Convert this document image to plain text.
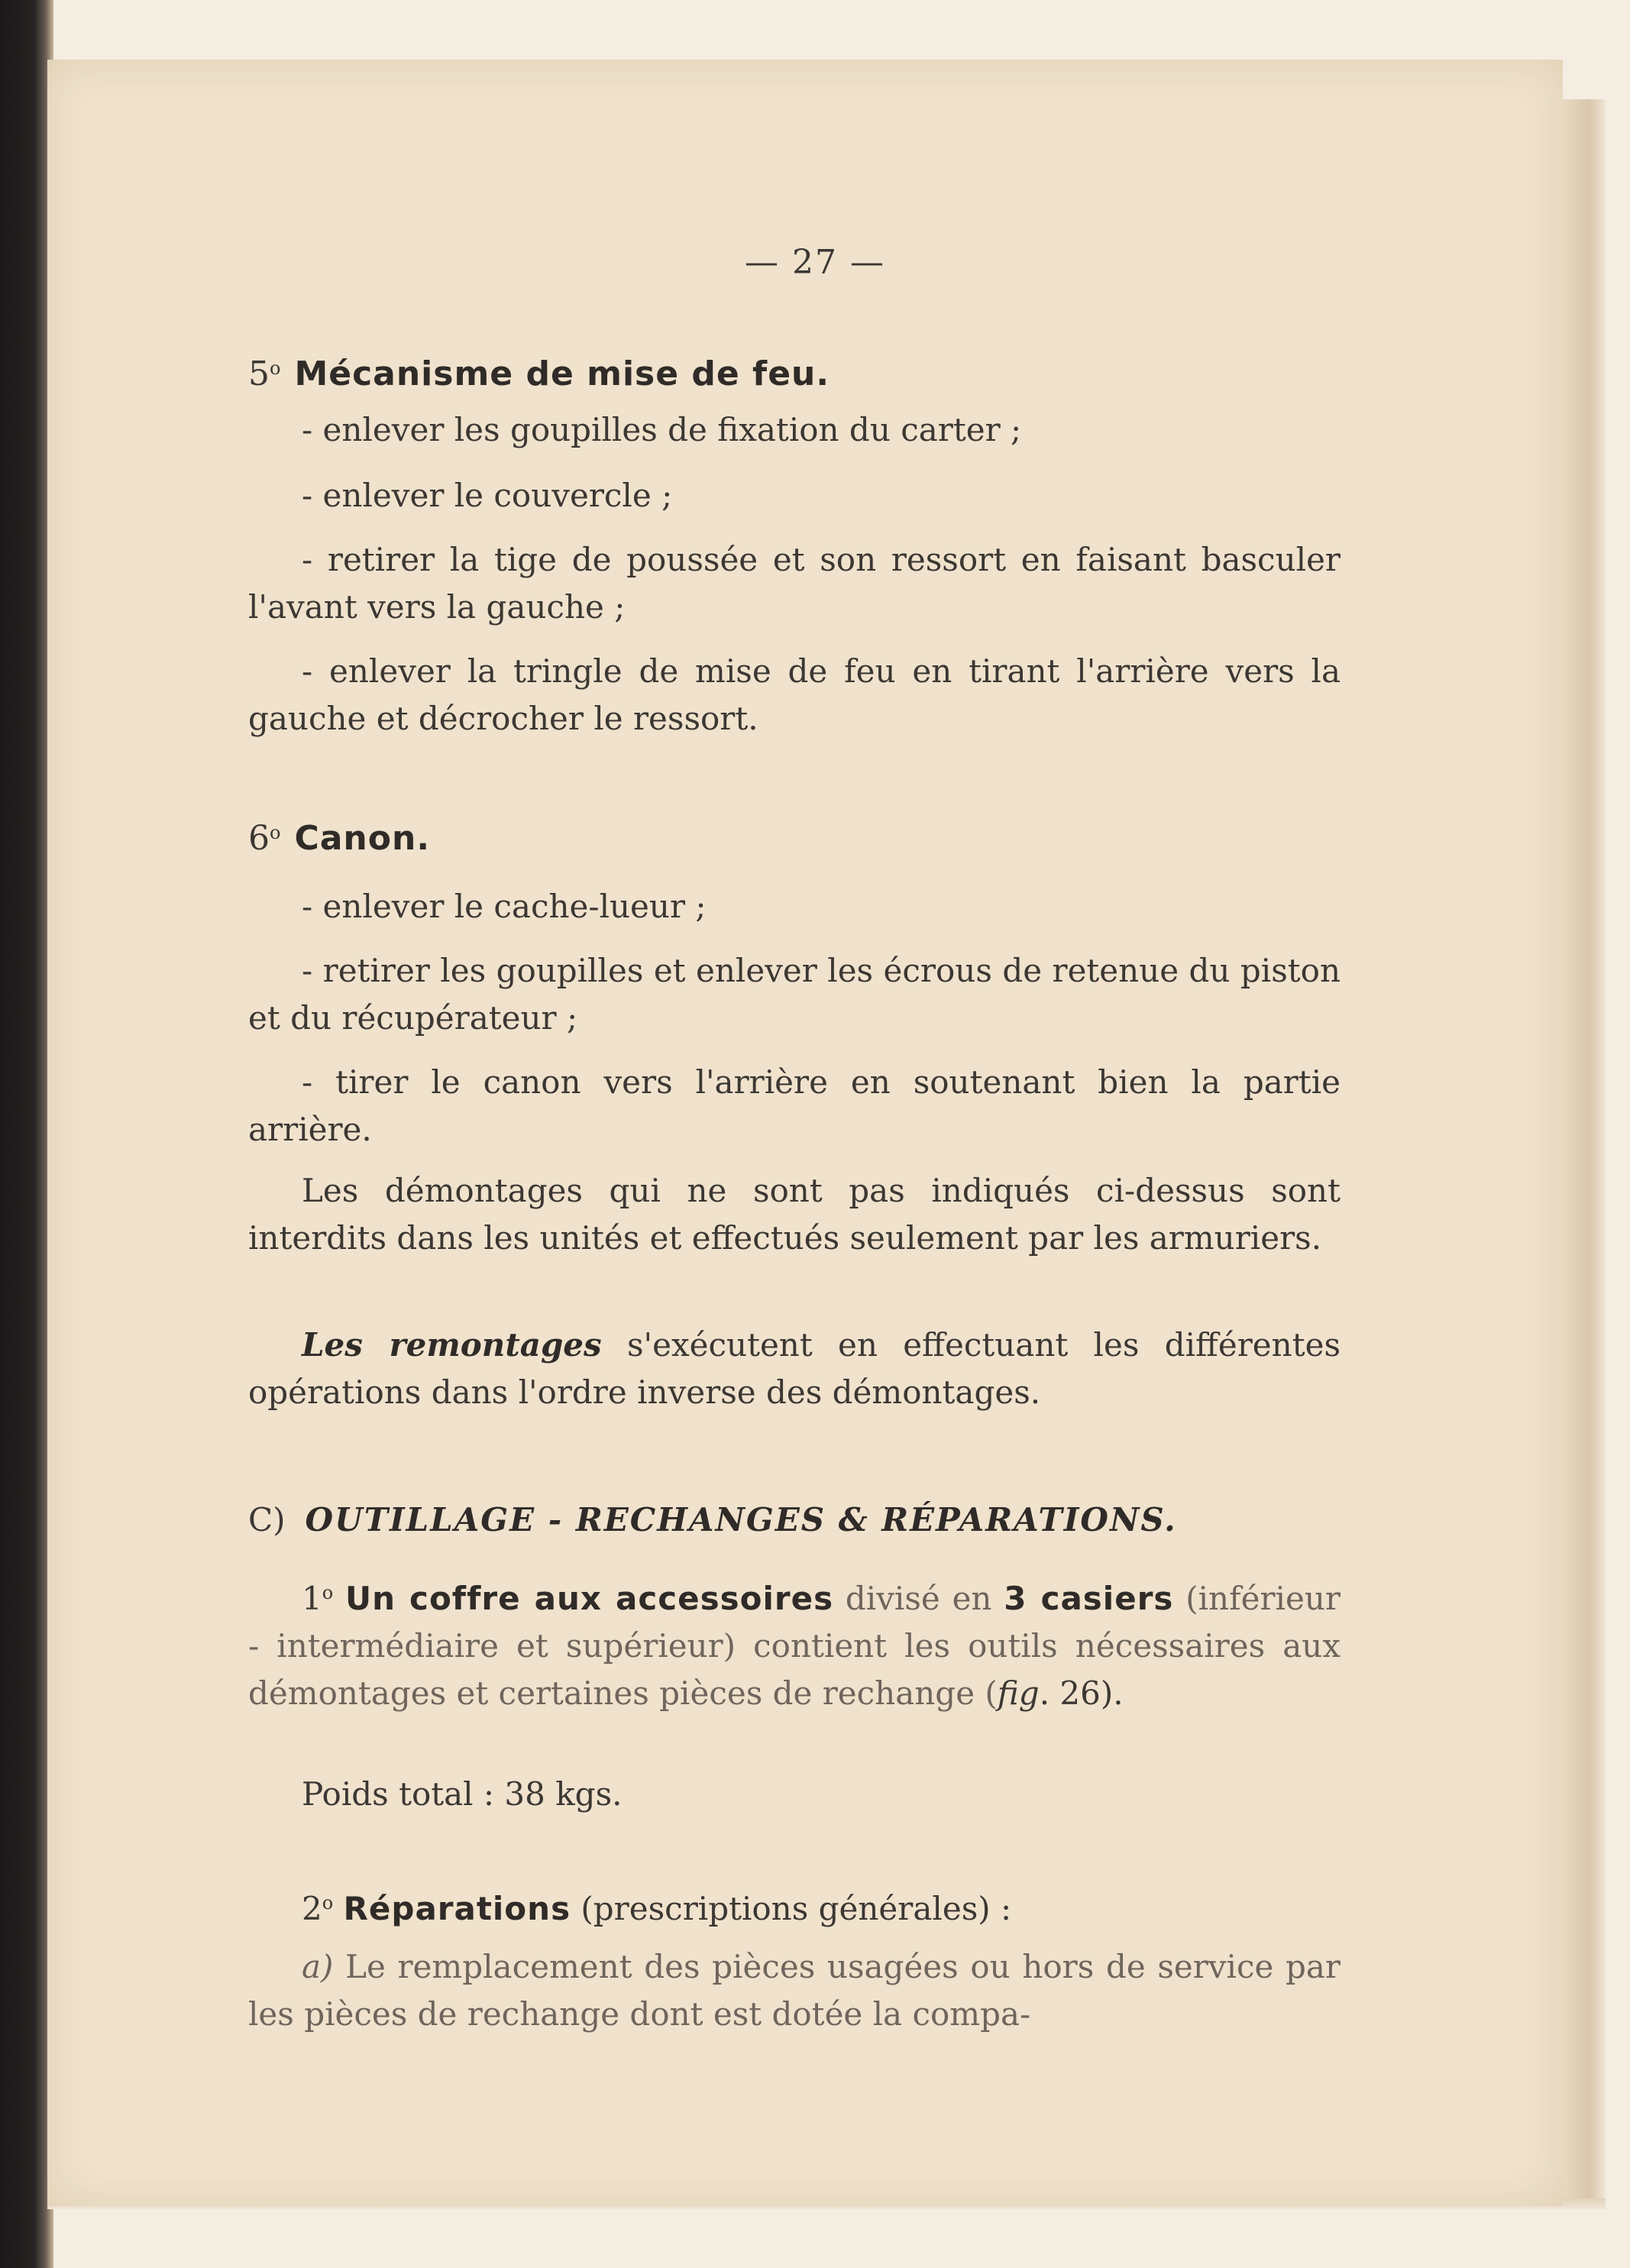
— 27 —
5$^o$ Mécanisme de mise de feu.
- enlever les goupilles de fixation du carter ;
- enlever le couvercle ;
- retirer la tige de poussée et son ressort en faisant basculer l'avant vers la gauche ;
- enlever la tringle de mise de feu en tirant l'arrière vers la gauche et décrocher le ressort.
6$^o$ Canon.
- enlever le cache-lueur ;
- retirer les goupilles et enlever les écrous de retenue du piston et du récupérateur ;
- tirer le canon vers l'arrière en soutenant bien la partie arrière.
Les démontages qui ne sont pas indiqués ci-dessus sont interdits dans les unités et effectués seulement par les armuriers.
Les remontages s'exécutent en effectuant les différentes opérations dans l'ordre inverse des démontages.
C) OUTILLAGE - RECHANGES & RÉPARATIONS.
1$^o$ Un coffre aux accessoires divisé en 3 casiers (inférieur - intermédiaire et supérieur) contient les outils nécessaires aux démontages et certaines pièces de rechange (fig. 26).
Poids total : 38 kgs.
2$^o$ Réparations (prescriptions générales) :
a) Le remplacement des pièces usagées ou hors de service par les pièces de rechange dont est dotée la compa-
